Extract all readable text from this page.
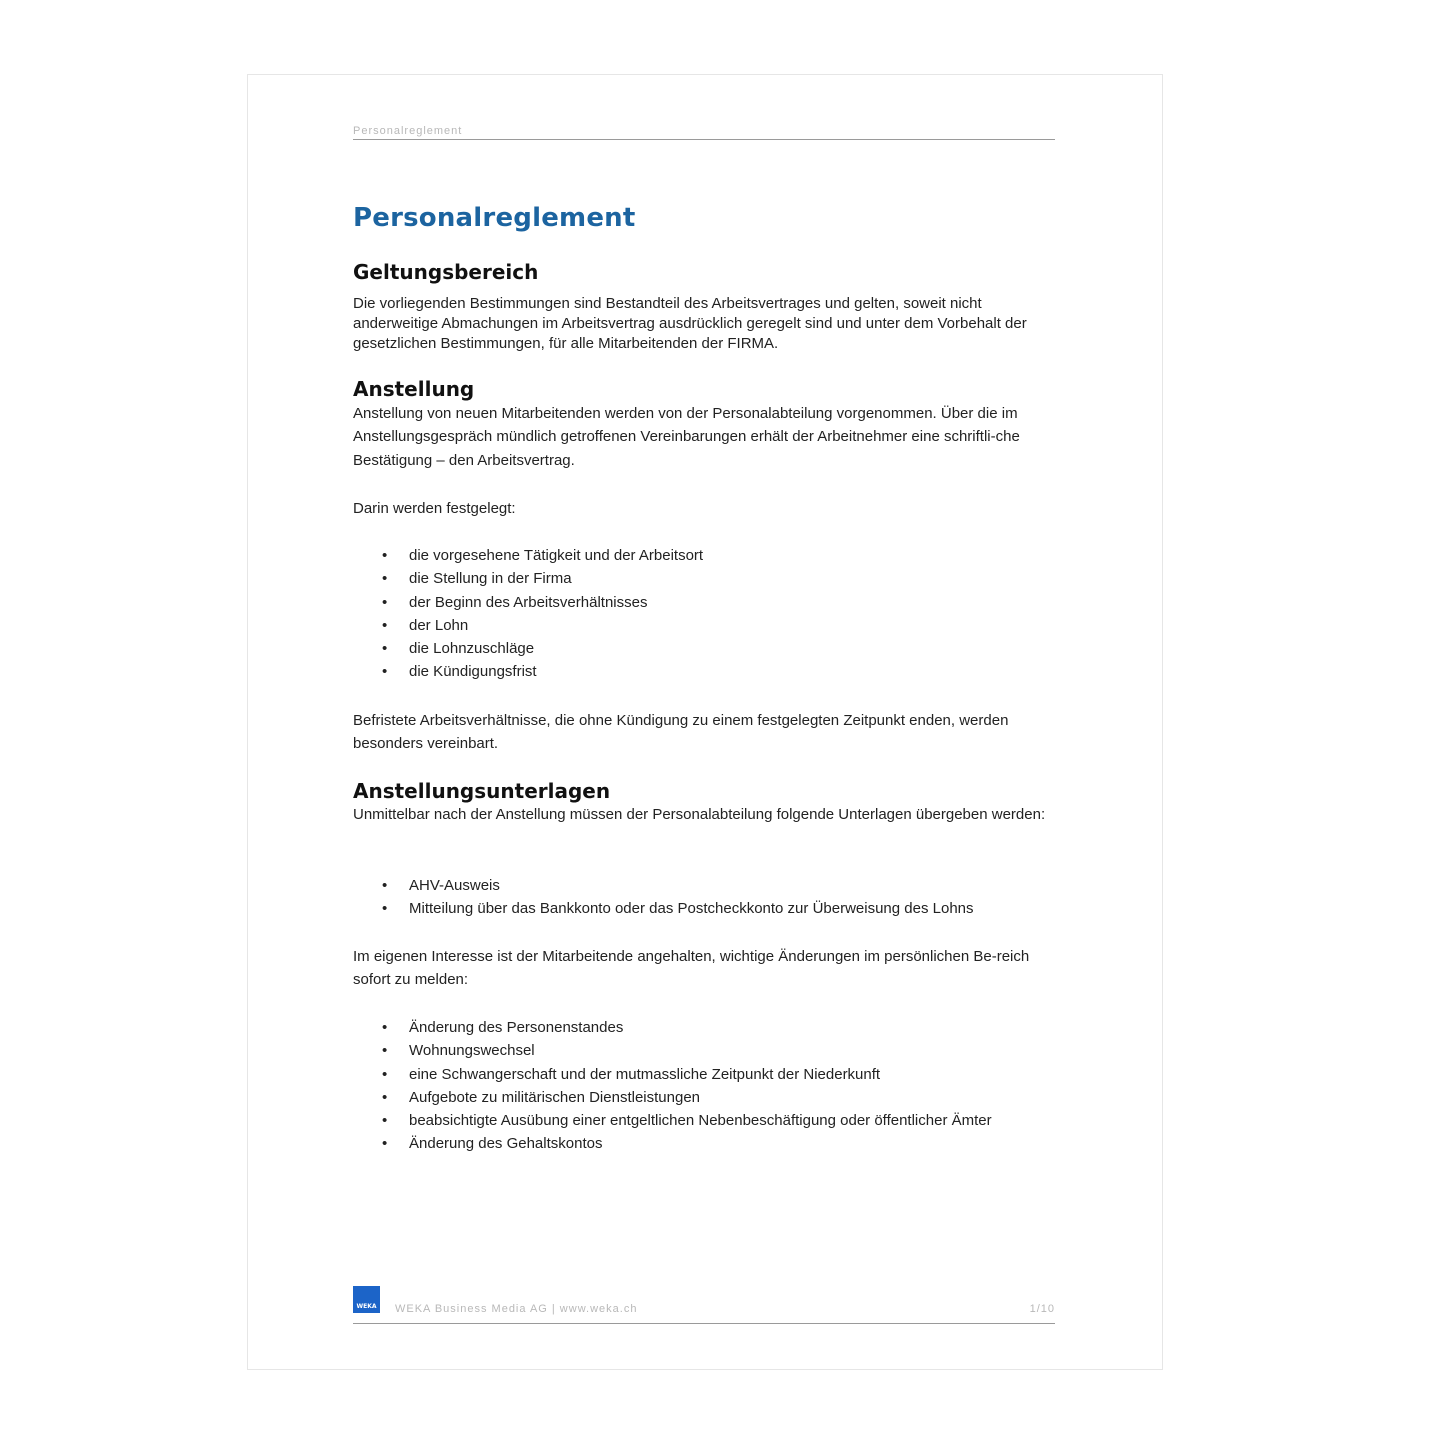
Personalreglement
Personalreglement
Geltungsbereich

Die vorliegenden Bestimmungen sind Bestandteil des Arbeitsvertrages und gelten, soweit nicht anderweitige Abmachungen im Arbeitsvertrag ausdrücklich geregelt sind und unter dem Vorbehalt der gesetzlichen Bestimmungen, für alle Mitarbeitenden der FIRMA.

Anstellung

Anstellung von neuen Mitarbeitenden werden von der Personalabteilung vorgenommen. Über die im Anstellungsgespräch mündlich getroffenen Vereinbarungen erhält der Arbeitnehmer eine schriftli-che Bestätigung – den Arbeitsvertrag.

Darin werden festgelegt:

• die vorgesehene Tätigkeit und der Arbeitsort
• die Stellung in der Firma
• der Beginn des Arbeitsverhältnisses
• der Lohn
• die Lohnzuschläge
• die Kündigungsfrist

Befristete Arbeitsverhältnisse, die ohne Kündigung zu einem festgelegten Zeitpunkt enden, werden besonders vereinbart.

Anstellungsunterlagen

Unmittelbar nach der Anstellung müssen der Personalabteilung folgende Unterlagen übergeben werden:

• AHV-Ausweis
• Mitteilung über das Bankkonto oder das Postcheckkonto zur Überweisung des Lohns

Im eigenen Interesse ist der Mitarbeitende angehalten, wichtige Änderungen im persönlichen Be-reich sofort zu melden:

• Änderung des Personenstandes
• Wohnungswechsel
• eine Schwangerschaft und der mutmassliche Zeitpunkt der Niederkunft
• Aufgebote zu militärischen Dienstleistungen
• beabsichtigte Ausübung einer entgeltlichen Nebenbeschäftigung oder öffentlicher Ämter
• Änderung des Gehaltskontos
WEKA WEKA Business Media AG | www.weka.ch	1/10
